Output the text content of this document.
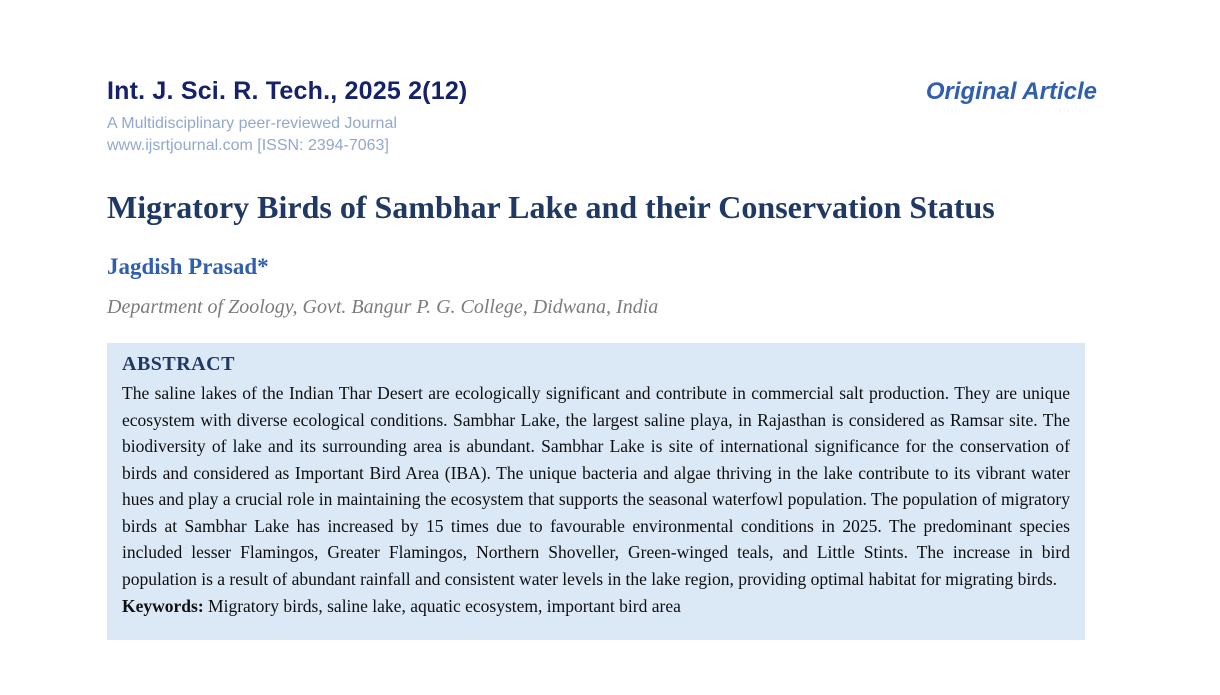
Int. J. Sci. R. Tech., 2025 2(12)
A Multidisciplinary peer-reviewed Journal
www.ijsrtjournal.com [ISSN: 2394-7063]
Original Article
Migratory Birds of Sambhar Lake and their Conservation Status
Jagdish Prasad*
Department of Zoology, Govt. Bangur P. G. College, Didwana, India
ABSTRACT

The saline lakes of the Indian Thar Desert are ecologically significant and contribute in commercial salt production. They are unique ecosystem with diverse ecological conditions. Sambhar Lake, the largest saline playa, in Rajasthan is considered as Ramsar site. The biodiversity of lake and its surrounding area is abundant. Sambhar Lake is site of international significance for the conservation of birds and considered as Important Bird Area (IBA). The unique bacteria and algae thriving in the lake contribute to its vibrant water hues and play a crucial role in maintaining the ecosystem that supports the seasonal waterfowl population. The population of migratory birds at Sambhar Lake has increased by 15 times due to favourable environmental conditions in 2025. The predominant species included lesser Flamingos, Greater Flamingos, Northern Shoveller, Green-winged teals, and Little Stints. The increase in bird population is a result of abundant rainfall and consistent water levels in the lake region, providing optimal habitat for migrating birds.

Keywords: Migratory birds, saline lake, aquatic ecosystem, important bird area
